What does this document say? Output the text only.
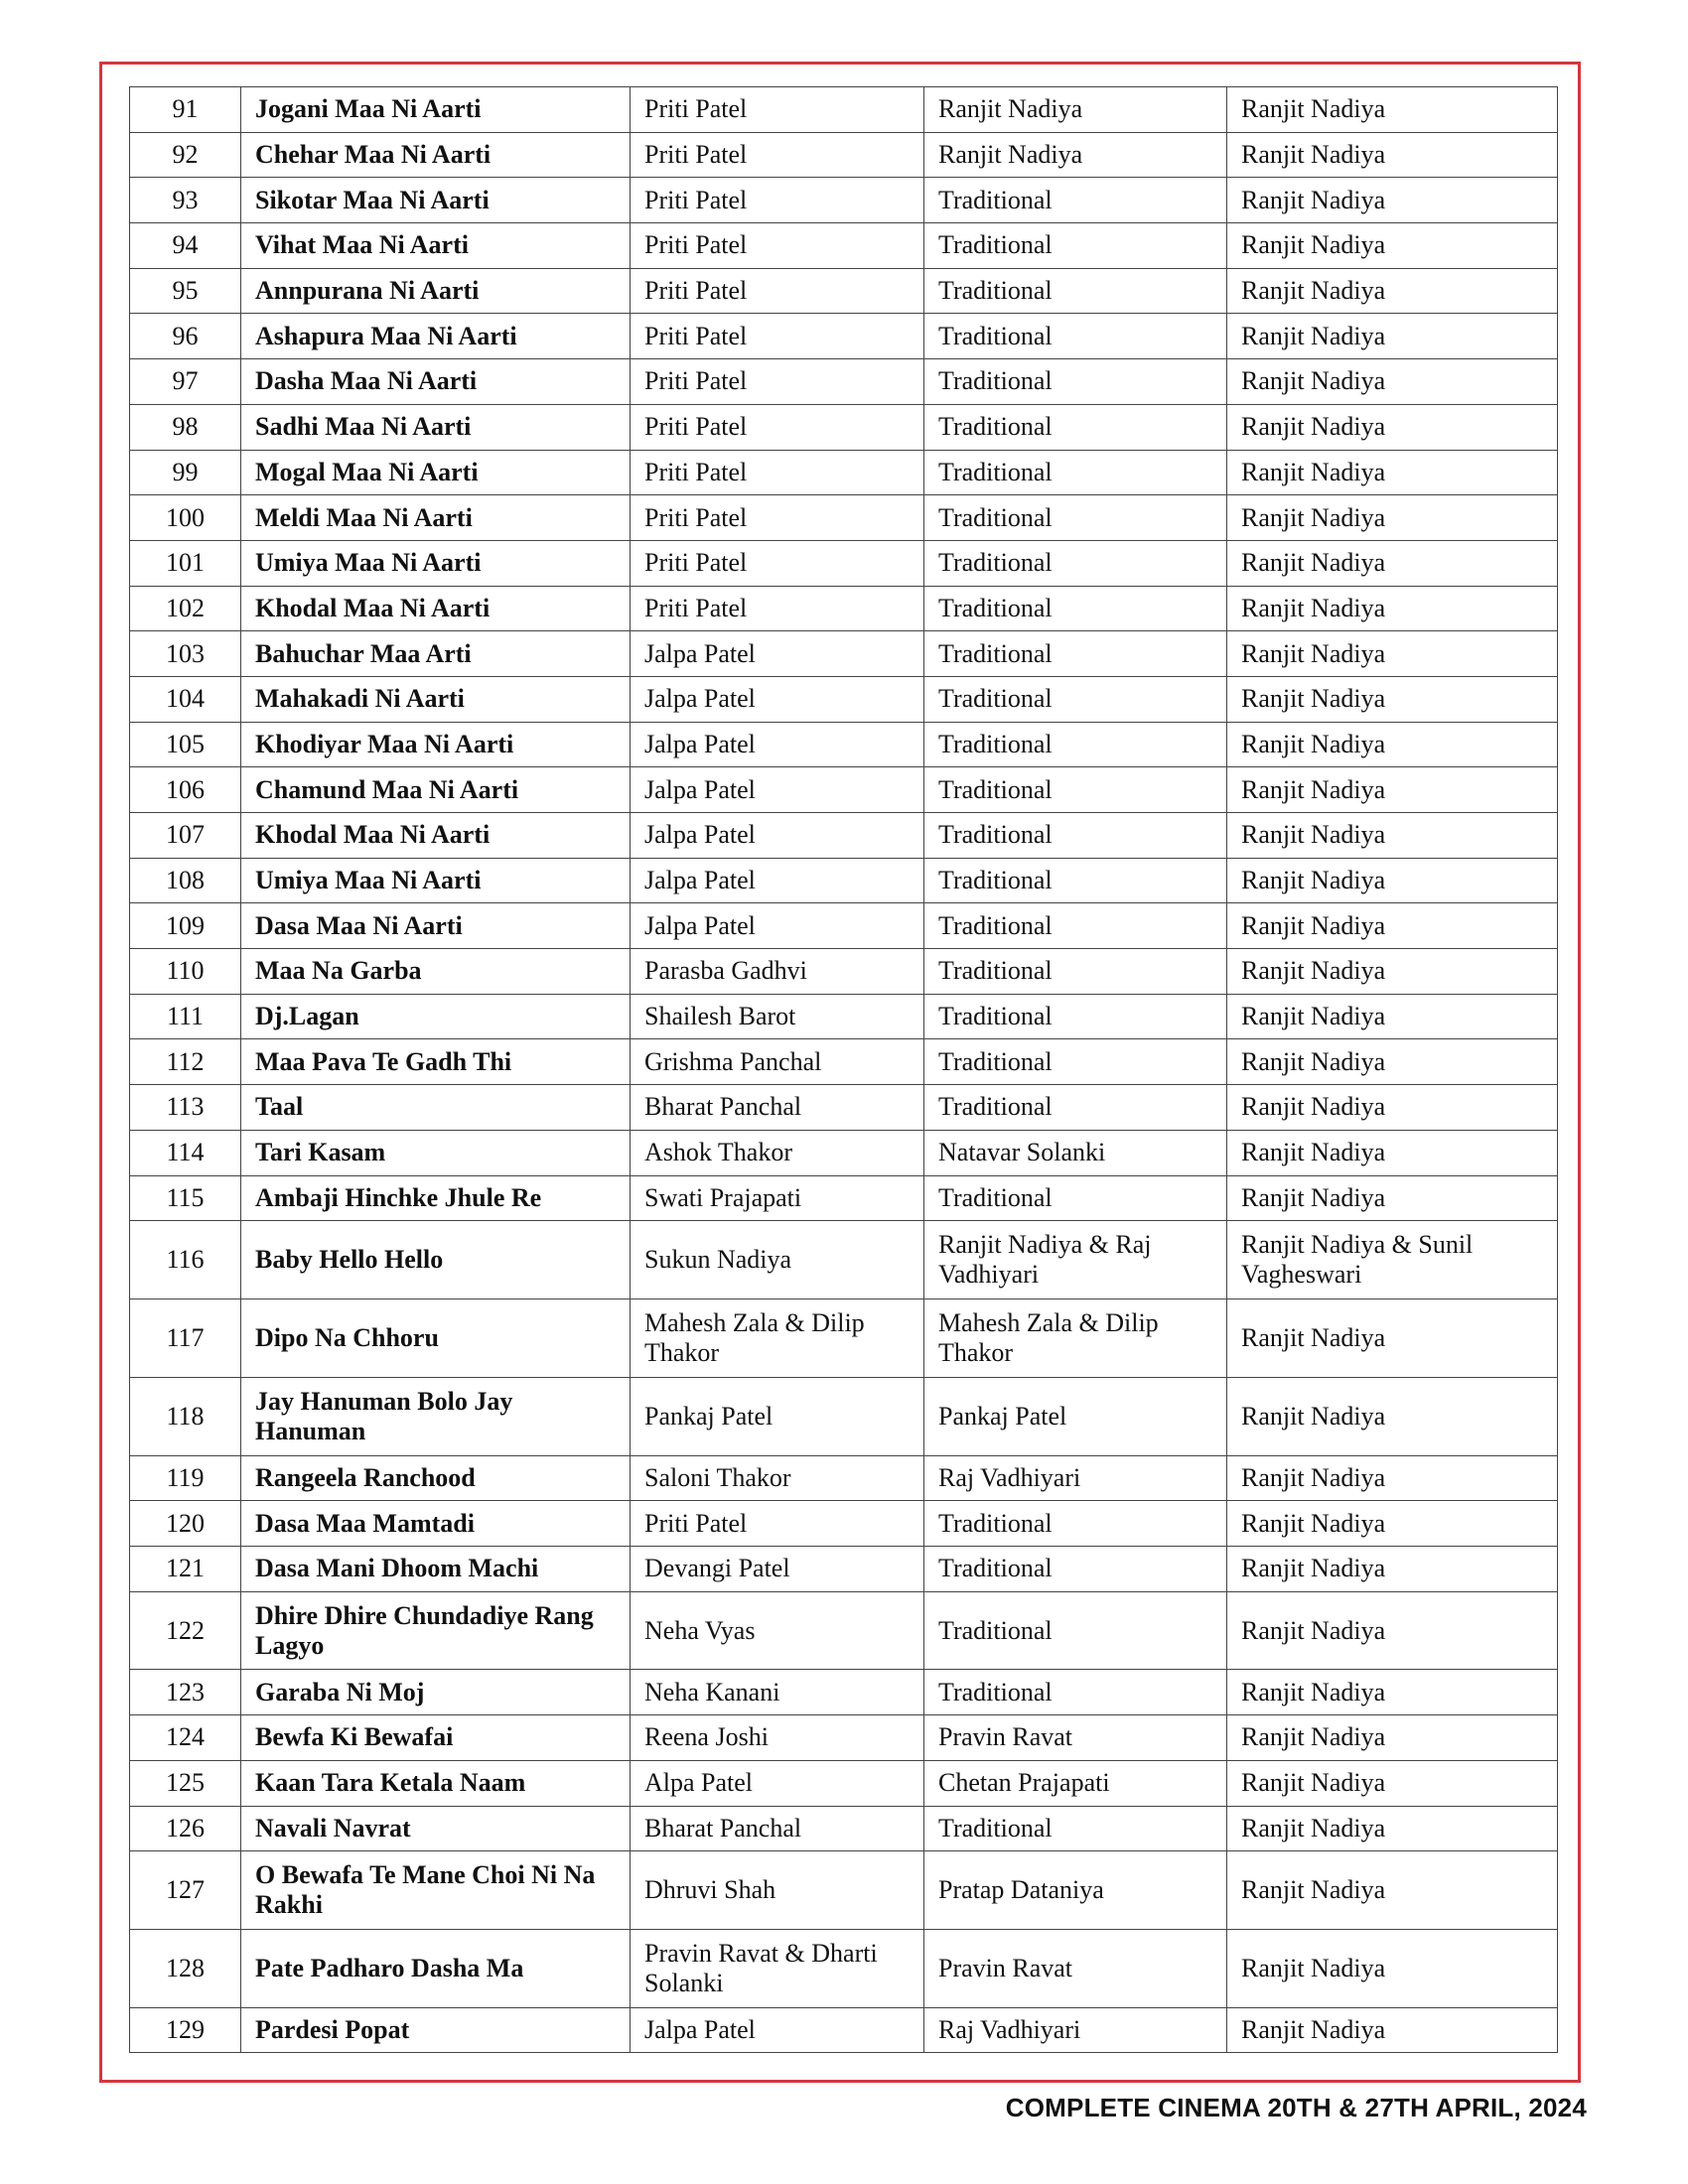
91	Jogani Maa Ni Aarti	Priti Patel	Ranjit Nadiya	Ranjit Nadiya
92	Chehar Maa Ni Aarti	Priti Patel	Ranjit Nadiya	Ranjit Nadiya
93	Sikotar Maa Ni Aarti	Priti Patel	Traditional	Ranjit Nadiya
94	Vihat Maa Ni Aarti	Priti Patel	Traditional	Ranjit Nadiya
95	Annpurana Ni Aarti	Priti Patel	Traditional	Ranjit Nadiya
96	Ashapura Maa Ni Aarti	Priti Patel	Traditional	Ranjit Nadiya
97	Dasha Maa Ni Aarti	Priti Patel	Traditional	Ranjit Nadiya
98	Sadhi Maa Ni Aarti	Priti Patel	Traditional	Ranjit Nadiya
99	Mogal Maa Ni Aarti	Priti Patel	Traditional	Ranjit Nadiya
100	Meldi Maa Ni Aarti	Priti Patel	Traditional	Ranjit Nadiya
101	Umiya Maa Ni Aarti	Priti Patel	Traditional	Ranjit Nadiya
102	Khodal Maa Ni Aarti	Priti Patel	Traditional	Ranjit Nadiya
103	Bahuchar Maa Arti	Jalpa Patel	Traditional	Ranjit Nadiya
104	Mahakadi Ni Aarti	Jalpa Patel	Traditional	Ranjit Nadiya
105	Khodiyar Maa Ni Aarti	Jalpa Patel	Traditional	Ranjit Nadiya
106	Chamund Maa Ni Aarti	Jalpa Patel	Traditional	Ranjit Nadiya
107	Khodal Maa Ni Aarti	Jalpa Patel	Traditional	Ranjit Nadiya
108	Umiya Maa Ni Aarti	Jalpa Patel	Traditional	Ranjit Nadiya
109	Dasa Maa Ni Aarti	Jalpa Patel	Traditional	Ranjit Nadiya
110	Maa Na Garba	Parasba Gadhvi	Traditional	Ranjit Nadiya
111	Dj.Lagan	Shailesh Barot	Traditional	Ranjit Nadiya
112	Maa Pava Te Gadh Thi	Grishma Panchal	Traditional	Ranjit Nadiya
113	Taal	Bharat Panchal	Traditional	Ranjit Nadiya
114	Tari Kasam	Ashok Thakor	Natavar Solanki	Ranjit Nadiya
115	Ambaji Hinchke Jhule Re	Swati Prajapati	Traditional	Ranjit Nadiya
116	Baby Hello Hello	Sukun Nadiya	Ranjit Nadiya & Raj Vadhiyari	Ranjit Nadiya & Sunil Vagheswari
117	Dipo Na Chhoru	Mahesh Zala & Dilip Thakor	Mahesh Zala & Dilip Thakor	Ranjit Nadiya
118	Jay Hanuman Bolo Jay Hanuman	Pankaj Patel	Pankaj Patel	Ranjit Nadiya
119	Rangeela Ranchood	Saloni Thakor	Raj Vadhiyari	Ranjit Nadiya
120	Dasa Maa Mamtadi	Priti Patel	Traditional	Ranjit Nadiya
121	Dasa Mani Dhoom Machi	Devangi Patel	Traditional	Ranjit Nadiya
122	Dhire Dhire Chundadiye Rang Lagyo	Neha Vyas	Traditional	Ranjit Nadiya
123	Garaba Ni Moj	Neha Kanani	Traditional	Ranjit Nadiya
124	Bewfa Ki Bewafai	Reena Joshi	Pravin Ravat	Ranjit Nadiya
125	Kaan Tara Ketala Naam	Alpa Patel	Chetan Prajapati	Ranjit Nadiya
126	Navali Navrat	Bharat Panchal	Traditional	Ranjit Nadiya
127	O Bewafa Te Mane Choi Ni Na Rakhi	Dhruvi Shah	Pratap Dataniya	Ranjit Nadiya
128	Pate Padharo Dasha Ma	Pravin Ravat & Dharti Solanki	Pravin Ravat	Ranjit Nadiya
129	Pardesi Popat	Jalpa Patel	Raj Vadhiyari	Ranjit Nadiya
COMPLETE CINEMA 20TH & 27TH APRIL, 2024
